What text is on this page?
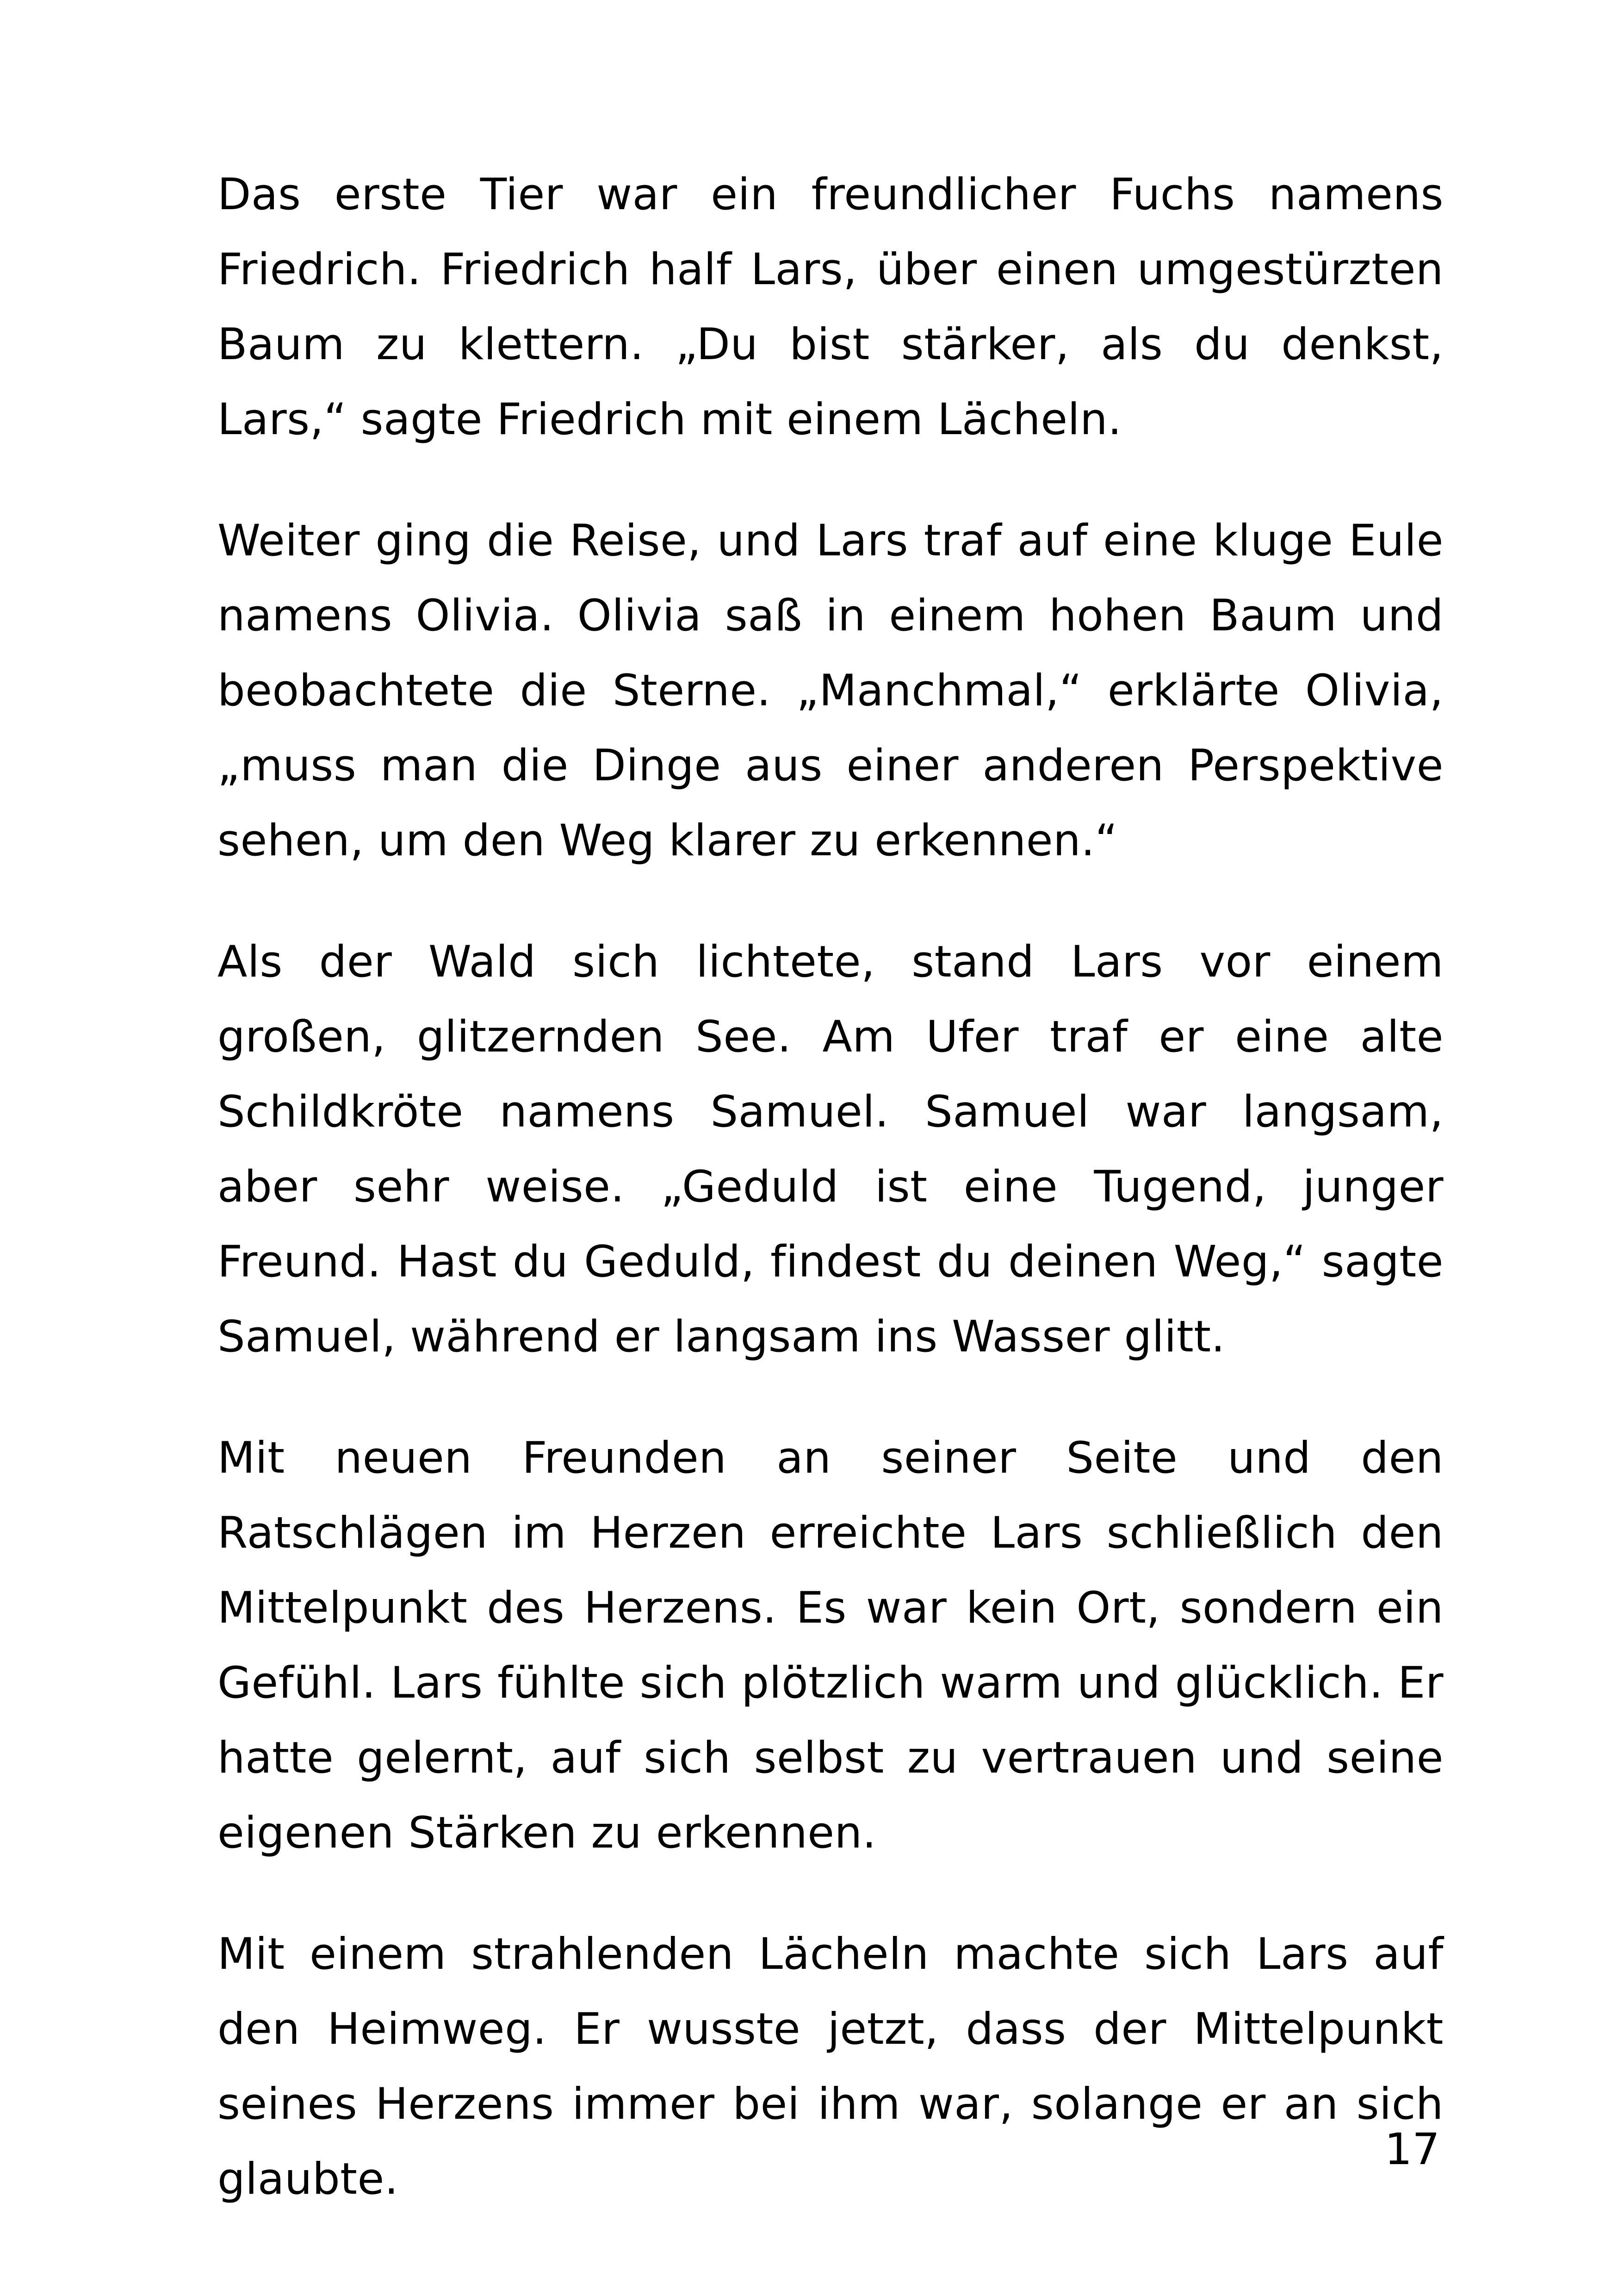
Das erste Tier war ein freundlicher Fuchs namens Friedrich. Friedrich half Lars, über einen umgestürzten Baum zu klettern. „Du bist stärker, als du denkst, Lars,“ sagte Friedrich mit einem Lächeln.

Weiter ging die Reise, und Lars traf auf eine kluge Eule namens Olivia. Olivia saß in einem hohen Baum und beobachtete die Sterne. „Manchmal,“ erklärte Olivia, „muss man die Dinge aus einer anderen Perspektive sehen, um den Weg klarer zu erkennen.“

Als der Wald sich lichtete, stand Lars vor einem großen, glitzernden See. Am Ufer traf er eine alte Schildkröte namens Samuel. Samuel war langsam, aber sehr weise. „Geduld ist eine Tugend, junger Freund. Hast du Geduld, findest du deinen Weg,“ sagte Samuel, während er langsam ins Wasser glitt.

Mit neuen Freunden an seiner Seite und den Ratschlägen im Herzen erreichte Lars schließlich den Mittelpunkt des Herzens. Es war kein Ort, sondern ein Gefühl. Lars fühlte sich plötzlich warm und glücklich. Er hatte gelernt, auf sich selbst zu vertrauen und seine eigenen Stärken zu erkennen.

Mit einem strahlenden Lächeln machte sich Lars auf den Heimweg. Er wusste jetzt, dass der Mittelpunkt seines Herzens immer bei ihm war, solange er an sich glaubte.

17
